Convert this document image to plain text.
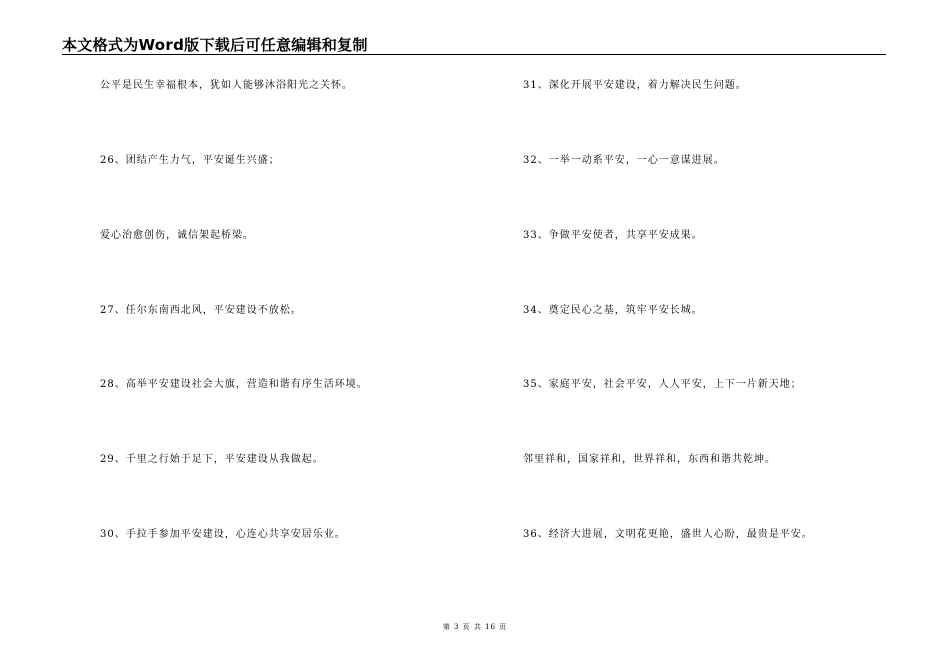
本文格式为Word版下载后可任意编辑和复制
公平是民生幸福根本，犹如人能够沐浴阳光之关怀。
26、团结产生力气，平安诞生兴盛；
爱心治愈创伤，诚信架起桥梁。
27、任尔东南西北风，平安建设不放松。
28、高举平安建设社会大旗，营造和谐有序生活环境。
29、千里之行始于足下，平安建设从我做起。
30、手拉手参加平安建设，心连心共享安居乐业。
31、深化开展平安建设，着力解决民生问题。
32、一举一动系平安，一心一意谋进展。
33、争做平安使者，共享平安成果。
34、奠定民心之基，筑牢平安长城。
35、家庭平安，社会平安，人人平安，上下一片新天地；
邻里祥和，国家祥和，世界祥和，东西和谐共乾坤。
36、经济大进展，文明花更艳，盛世人心盼，最贵是平安。
第 3 页 共 16 页
